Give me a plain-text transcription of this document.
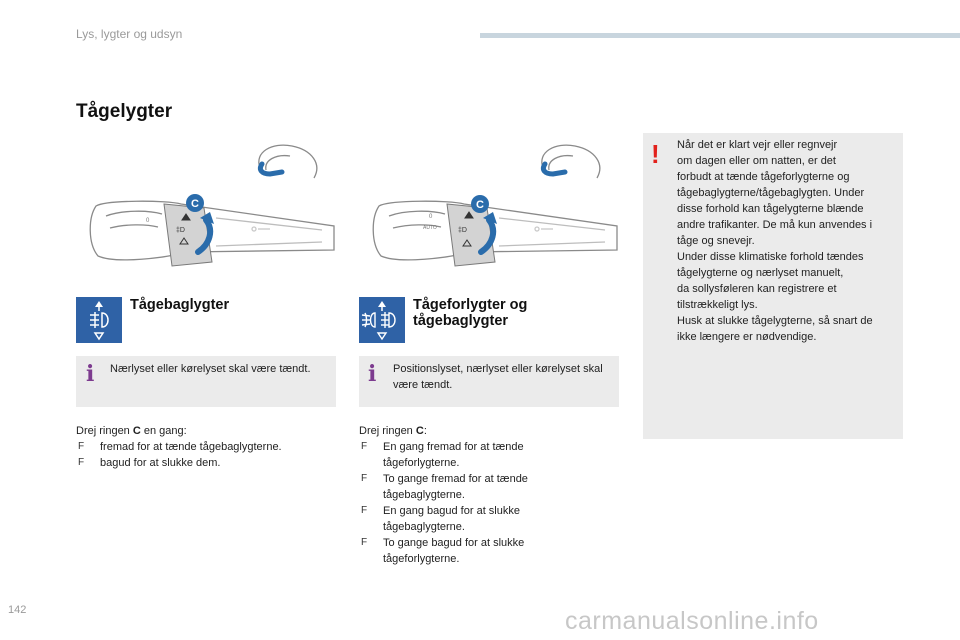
Lys, lygter og udsyn
Tågelygter
‡D
0
C
‡D
0
AUTO
C
Tågebaglygter
i Nærlyset eller kørelyset skal være tændt.
Drej ringen C en gang:
F fremad for at tænde tågebaglygterne.
F bagud for at slukke dem.
Tågeforlygter og
tågebaglygter
i Positionslyset, nærlyset eller kørelyset skal være tændt.
Drej ringen C:
F En gang fremad for at tænde tågeforlygterne.
F To gange fremad for at tænde tågebaglygterne.
F En gang bagud for at slukke tågebaglygterne.
F To gange bagud for at slukke tågeforlygterne.
! Når det er klart vejr eller regnvejr
om dagen eller om natten, er det
forbudt at tænde tågeforlygterne og
tågebaglygterne/tågebaglygten. Under
disse forhold kan tågelygterne blænde
andre trafikanter. De må kun anvendes i
tåge og snevejr.
Under disse klimatiske forhold tændes
tågelygterne og nærlyset manuelt,
da sollysføleren kan registrere et
tilstrækkeligt lys.
Husk at slukke tågelygterne, så snart de
ikke længere er nødvendige.
142	carmanualsonline.info
